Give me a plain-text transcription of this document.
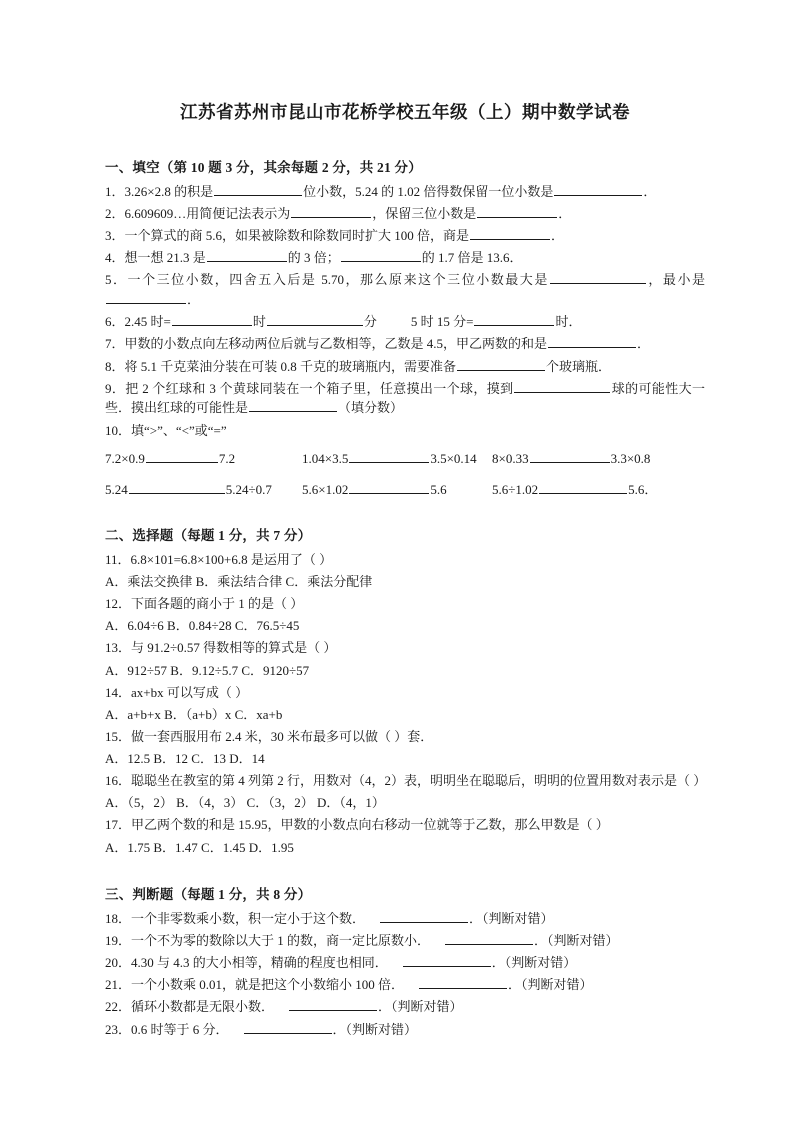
江苏省苏州市昆山市花桥学校五年级（上）期中数学试卷
一、填空（第 10 题 3 分，其余每题 2 分，共 21 分）

1．3.26×2.8 的积是	位小数，5.24 的 1.02 倍得数保留一位小数是	．

2．6.609609…用简便记法表示为	，保留三位小数是	．

3．一个算式的商 5.6，如果被除数和除数同时扩大 100 倍，商是	．

4．想一想 21.3 是	的 3 倍；	的 1.7 倍是 13.6．

5．一个三位小数，四舍五入后是 5.70，那么原来这个三位小数最大是	，最小是．

6．2.45 时=	时	分	5 时 15 分=	时．

7．甲数的小数点向左移动两位后就与乙数相等，乙数是 4.5，甲乙两数的和是	．

8．将 5.1 千克菜油分装在可装 0.8 千克的玻璃瓶内，需要准备	个玻璃瓶．

9．把 2 个红球和 3 个黄球同装在一个箱子里，任意摸出一个球，摸到	球的可能性大一些．摸出红球的可能性是	（填分数）

10．填“>”、“<”或“=”

7.2×0.9	7.2	1.04×3.5	3.5×0.14	8×0.33	3.3×0.8
5.24	5.24÷0.7	5.6×1.02	5.6	5.6÷1.02	5.6．
二、选择题（每题 1 分，共 7 分）

11．6.8×101=6.8×100+6.8 是运用了（ ）

A．乘法交换律 B．乘法结合律 C．乘法分配律

12．下面各题的商小于 1 的是（ ）

A．6.04÷6 B．0.84÷28 C．76.5÷45

13．与 91.2÷0.57 得数相等的算式是（ ）

A．912÷57 B．9.12÷5.7 C．9120÷57

14．ax+bx 可以写成（ ）

A．a+b+x B．（a+b）x C．xa+b

15．做一套西服用布 2.4 米，30 米布最多可以做（ ）套．

A．12.5 B．12 C．13 D．14

16．聪聪坐在教室的第 4 列第 2 行，用数对（4，2）表，明明坐在聪聪后，明明的位置用数对表示是（ ）

A．（5，2） B．（4，3） C．（3，2） D．（4，1）

17．甲乙两个数的和是 15.95，甲数的小数点向右移动一位就等于乙数，那么甲数是（ ）

A．1.75 B．1.47 C．1.45 D．1.95

三、判断题（每题 1 分，共 8 分）

18．一个非零数乘小数，积一定小于这个数．	．（判断对错）

19．一个不为零的数除以大于 1 的数，商一定比原数小．	．（判断对错）

20．4.30 与 4.3 的大小相等，精确的程度也相同．	．（判断对错）

21．一个小数乘 0.01，就是把这个小数缩小 100 倍．	．（判断对错）

22．循环小数都是无限小数．	．（判断对错）

23．0.6 时等于 6 分．	．（判断对错）
